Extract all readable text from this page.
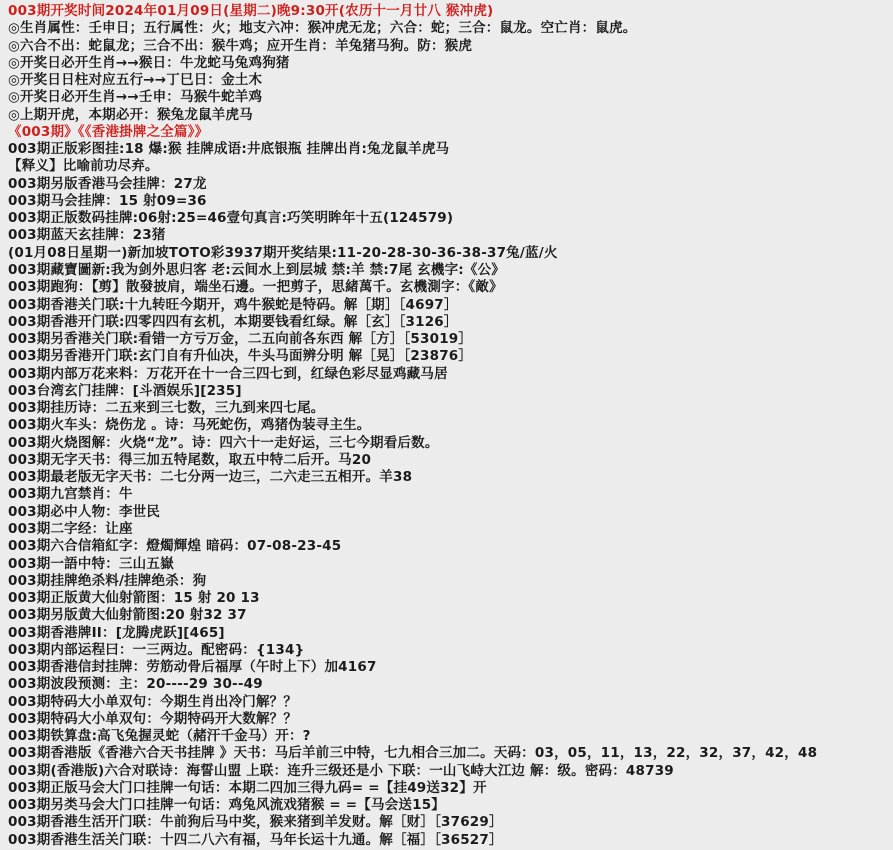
003期开奖时间2024年01月09日(星期二)晚9:30开(农历十一月廿八 猴冲虎)
◎生肖属性：壬申日；五行属性：火；地支六冲：猴冲虎无龙；六合：蛇；三合：鼠龙。空亡肖：鼠虎。
◎六合不出：蛇鼠龙；三合不出：猴牛鸡；应开生肖：羊兔猪马狗。防：猴虎
◎开奖日必开生肖→→猴日：牛龙蛇马兔鸡狗猪
◎开奖日日柱对应五行→→丁巳日：金土木
◎开奖日必开生肖→→壬申：马猴牛蛇羊鸡
◎上期开虎，本期必开：猴兔龙鼠羊虎马
《003期》《《香港掛牌之全篇》》
003期正版彩图挂:18 爆:猴 挂牌成语:井底银瓶 挂牌出肖:兔龙鼠羊虎马
【释义】比喻前功尽弃。
003期另版香港马会挂牌：27龙
003期马会挂牌：15 射09=36
003期正版数码挂牌:06射:25=46壹句真言:巧笑明眸年十五(124579)
003期蓝天玄挂牌：23猪
(01月08日星期一)新加坡TOTO彩3937期开奖结果:11-20-28-30-36-38-37兔/蓝/火
003期藏寶圖新:我为剑外思归客 老:云间水上到层城 禁:羊 禁:7尾 玄機字:《公》
003期跑狗：【剪】散發披肩，端坐石邊。一把剪子，思緒萬千。玄機測字：《敵》
003期香港关门联:十九转旺今期开，鸡牛猴蛇是特码。解［期］［4697］
003期香港开门联:四零四四有玄机，本期要钱看红绿。解［玄］［3126］
003期另香港关门联:看错一方亏万金，二五向前各东西 解［方］［53019］
003期另香港开门联:玄门自有升仙决，牛头马面辨分明 解［晃］［23876］
003期内部万花来料：万花开在十一合三四七到，红绿色彩尽显鸡藏马居
003台湾玄门挂牌：[斗酒娱乐][235]
003期挂历诗：二五来到三七数，三九到来四七尾。
003期火车头：烧伤龙 。诗：马死蛇伤，鸡猪伪装寻主生。
003期火烧图解：火烧“龙”。诗：四六十一走好运，三七今期看后数。
003期无字天书：得三加五特尾数，取五中特二后开。马20
003期最老版无字天书：二七分两一边三，二六走三五相开。羊38
003期九宫禁肖：牛
003期必中人物：李世民
003期二字经：让座
003期六合信箱紅字：燈燭輝煌 暗码：07-08-23-45
003期一語中特：三山五嶽
003期挂牌绝杀料/挂牌绝杀：狗
003期正版黄大仙射箭图：15 射 20 13
003期另版黄大仙射箭图:20 射32 37
003期香港牌II：[龙腾虎跃][465]
003期内部运程曰：一三两边。配密码：{134}
003期香港信封挂牌：劳筋动骨后福厚（午时上下）加4167
003期波段预测：主：20----29 30--49
003期特码大小单双句：今期生肖出冷门解？？
003期特码大小单双句：今期特码开大数解？？
003期铁算盘:高飞兔握灵蛇（赭汗千金马）开：?
003期香港版《香港六合天书挂牌 》天书：马后羊前三中特，七九相合三加二。天码：03，05，11，13，22，32，37，42，48
003期(香港版)六合对联诗：海誓山盟 上联：连升三级还是小 下联：一山飞峙大江边 解：级。密码：48739
003期正版马会大门口挂牌一句话：本期二四加三得九码= =【挂49送32】开
003期另类马会大门口挂牌一句话：鸡兔风流戏猪猴 = =【马会送15】
003期香港生活开门联：牛前狗后马中奖，猴来猪到羊发财。解［财］［37629］
003期香港生活关门联：十四二八六有福，马年长运十九通。解［福］［36527］
